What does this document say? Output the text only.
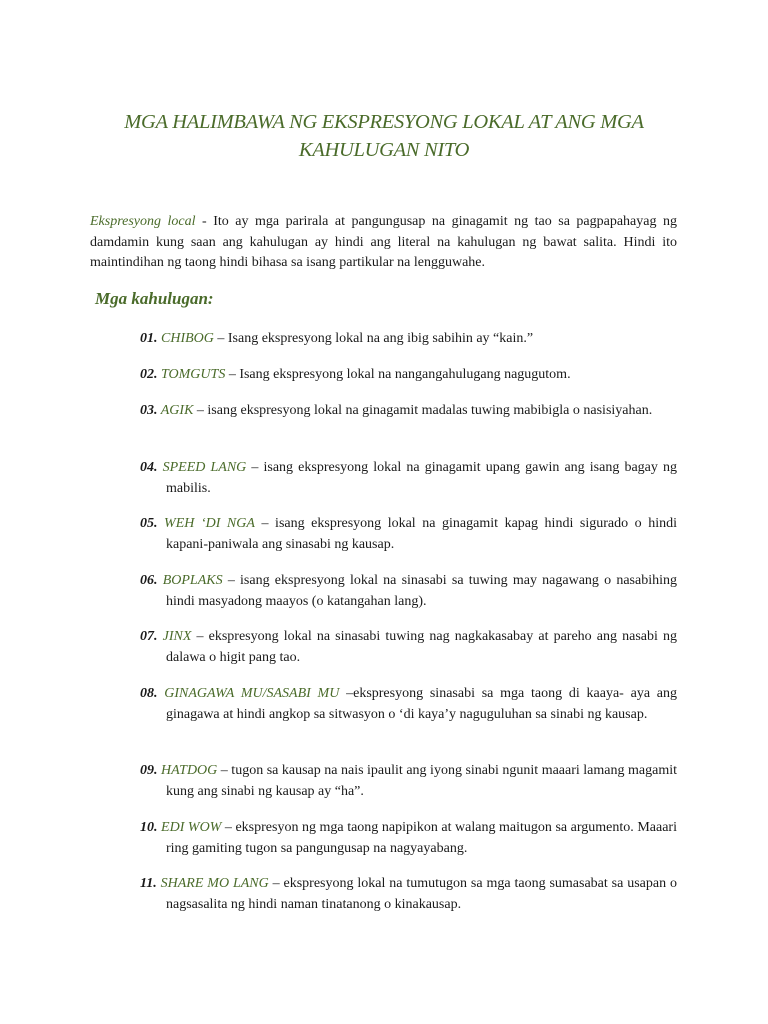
MGA HALIMBAWA NG EKSPRESYONG LOKAL AT ANG MGA KAHULUGAN NITO
Ekspresyong local - Ito ay mga parirala at pangungusap na ginagamit ng tao sa pagpapahayag ng damdamin kung saan ang kahulugan ay hindi ang literal na kahulugan ng bawat salita. Hindi ito maintindihan ng taong hindi bihasa sa isang partikular na lengguwahe.
Mga kahulugan:
01. CHIBOG – Isang ekspresyong lokal na ang ibig sabihin ay “kain.”
02. TOMGUTS – Isang ekspresyong lokal na nangangahulugang nagugutom.
03. AGIK – isang ekspresyong lokal na ginagamit madalas tuwing mabibigla o nasisiyahan.
04. SPEED LANG – isang ekspresyong lokal na ginagamit upang gawin ang isang bagay ng mabilis.
05. WEH ‘DI NGA – isang ekspresyong lokal na ginagamit kapag hindi sigurado o hindi kapani-paniwala ang sinasabi ng kausap.
06. BOPLAKS – isang ekspresyong lokal na sinasabi sa tuwing may nagawang o nasabihing hindi masyadong maayos (o katangahan lang).
07. JINX – ekspresyong lokal na sinasabi tuwing nag nagkakasabay at pareho ang nasabi ng dalawa o higit pang tao.
08. GINAGAWA MU/SASABI MU –ekspresyong sinasabi sa mga taong di kaaya- aya ang ginagawa at hindi angkop sa sitwasyon o ‘di kaya’y naguguluhan sa sinabi ng kausap.
09. HATDOG – tugon sa kausap na nais ipaulit ang iyong sinabi ngunit maaari lamang magamit kung ang sinabi ng kausap ay “ha”.
10. EDI WOW – ekspresyon ng mga taong napipikon at walang maitugon sa argumento. Maaari ring gamiting tugon sa pangungusap na nagyayabang.
11. SHARE MO LANG – ekspresyong lokal na tumutugon sa mga taong sumasabat sa usapan o nagsasalita ng hindi naman tinatanong o kinakausap.
